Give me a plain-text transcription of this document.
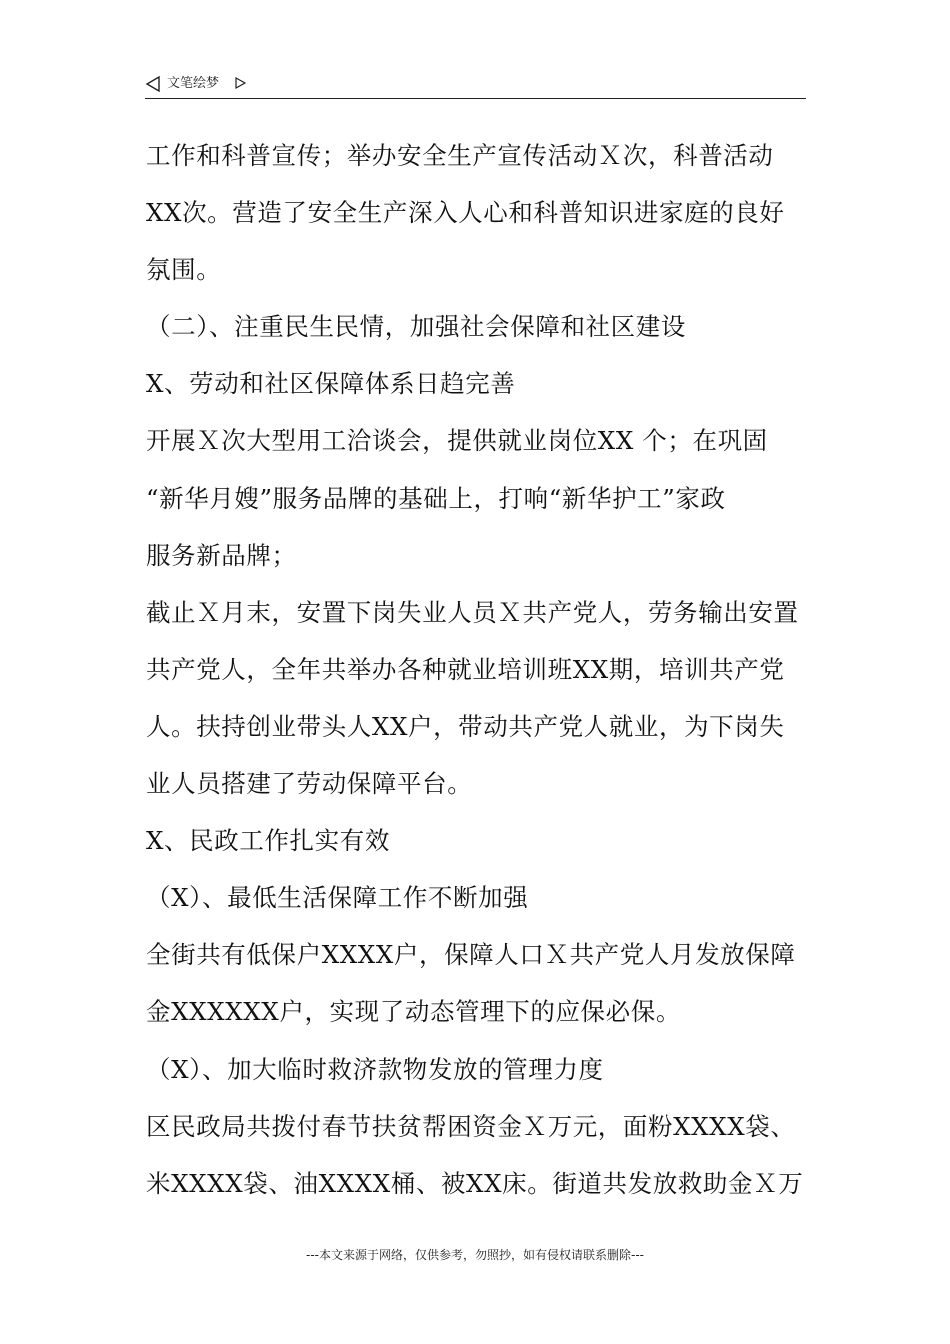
文笔绘梦
工作和科普宣传；举办安全生产宣传活动Ｘ次，科普活动
XX次。营造了安全生产深入人心和科普知识进家庭的良好
氛围。
（二）、注重民生民情，加强社会保障和社区建设
X、劳动和社区保障体系日趋完善
开展Ｘ次大型用工洽谈会，提供就业岗位XX 个；在巩固
“新华月嫂”服务品牌的基础上，打响“新华护工”家政
服务新品牌；
截止Ｘ月末，安置下岗失业人员Ｘ共产党人，劳务输出安置
共产党人，全年共举办各种就业培训班XX期，培训共产党
人。扶持创业带头人XX户，带动共产党人就业，为下岗失
业人员搭建了劳动保障平台。
X、民政工作扎实有效
（X）、最低生活保障工作不断加强
全街共有低保户XXXX户，保障人口Ｘ共产党人月发放保障
金XXXXXX户，实现了动态管理下的应保必保。
（X）、加大临时救济款物发放的管理力度
区民政局共拨付春节扶贫帮困资金Ｘ万元，面粉XXXX袋、
米XXXX袋、油XXXX桶、被XX床。街道共发放救助金Ｘ万
---本文来源于网络，仅供参考，勿照抄，如有侵权请联系删除---
